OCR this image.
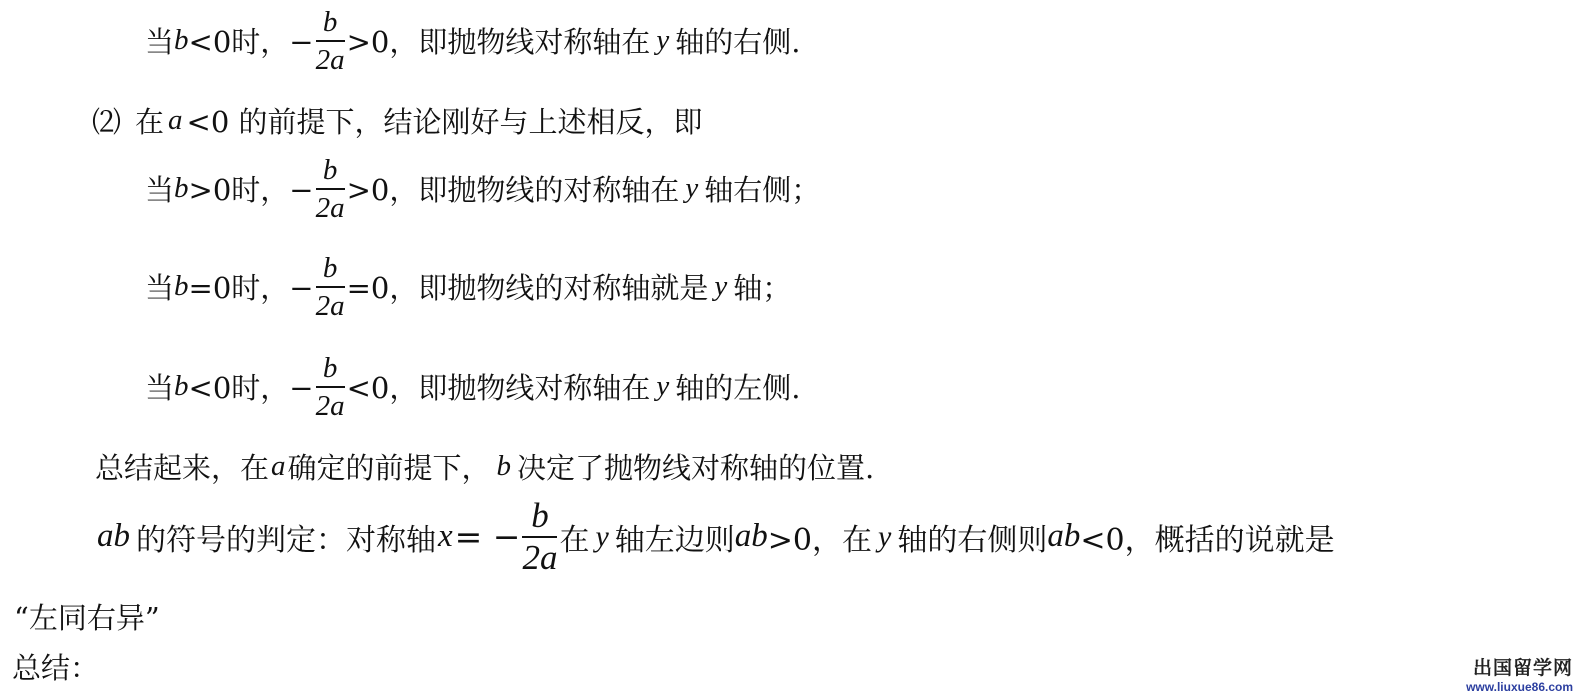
当 b <0时，− $\frac{b}{2a} >0$，即抛物线对称轴在 y 轴的右侧.
⑵ 在 a <0 的前提下，结论刚好与上述相反，即
当 b >0时，− $\frac{b}{2a} >0$，即抛物线的对称轴在 y 轴右侧；
当 b =0时，− $\frac{b}{2a} =0$，即抛物线的对称轴就是 y 轴；
当 b <0时，− $\frac{b}{2a} <0$，即抛物线对称轴在 y 轴的左侧.
总结起来，在 a 确定的前提下， b 决定了抛物线对称轴的位置.
ab 的符号的判定：对称轴 x = − $\frac{b}{2a}$ 在 y 轴左边则 ab >0，在 y 轴的右侧则 ab <0，概括的说就是
“左同右异”
总结：	出国留学网
www.liuxue86.com
